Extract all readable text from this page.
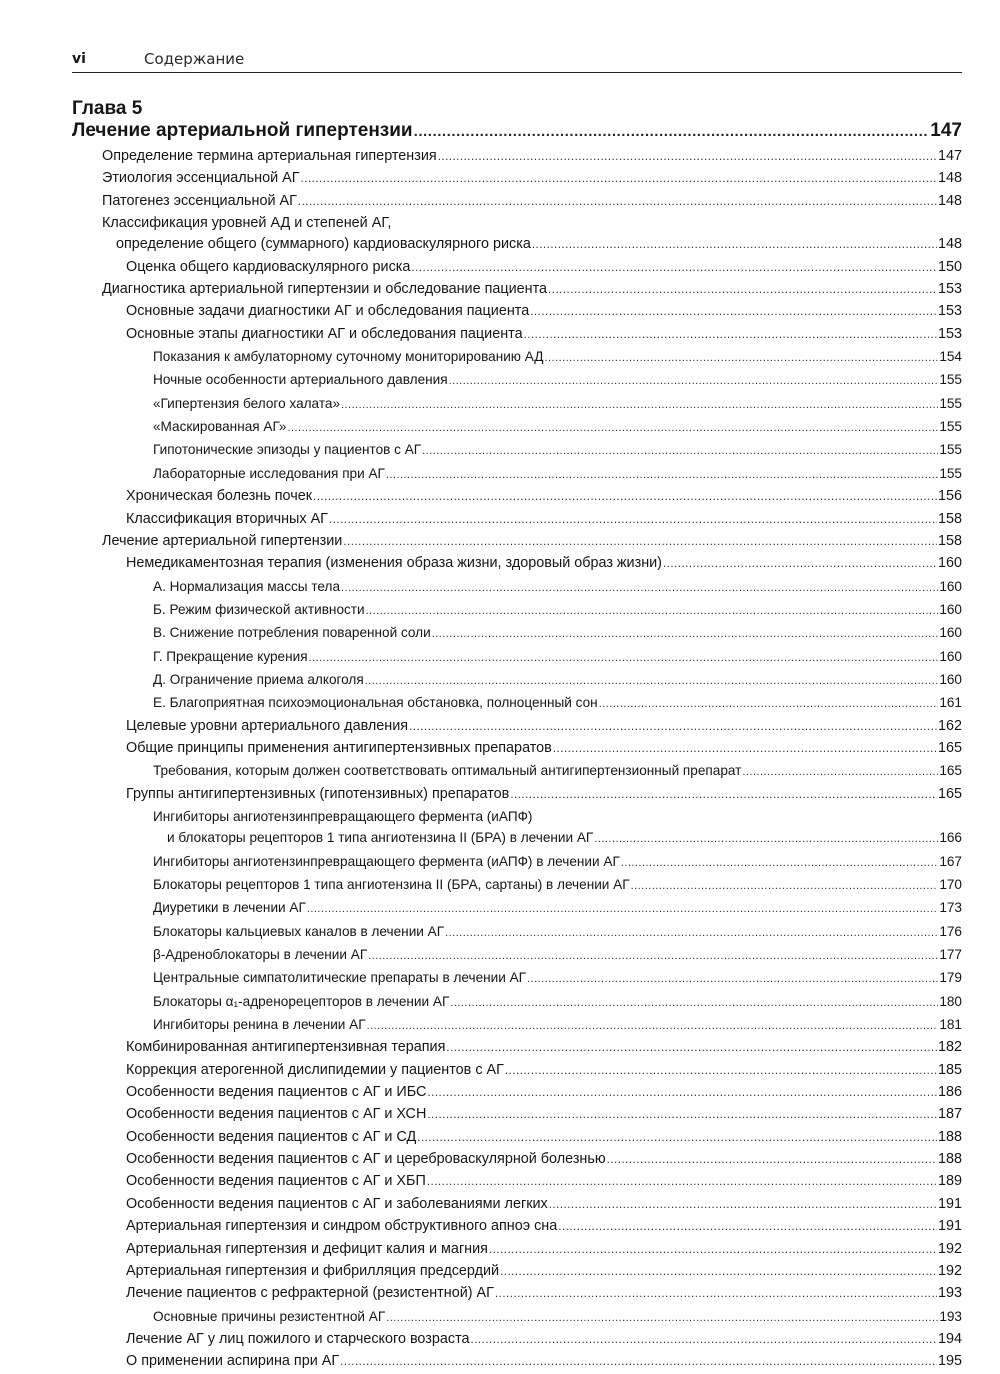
vi	Содержание
Глава 5
Лечение артериальной гипертензии .....	147
Определение термина артериальная гипертензия .....	147
Этиология эссенциальной АГ .....	148
Патогенез эссенциальной АГ .....	148
Классификация уровней АД и степеней АГ,
определение общего (суммарного) кардиоваскулярного риска .....	148
Оценка общего кардиоваскулярного риска .....	150
Диагностика артериальной гипертензии и обследование пациента .....	153
Основные задачи диагностики АГ и обследования пациента .....	153
Основные этапы диагностики АГ и обследования пациента .....	153
Показания к амбулаторному суточному мониторированию АД .....	154
Ночные особенности артериального давления .....	155
«Гипертензия белого халата» .....	155
«Маскированная АГ» .....	155
Гипотонические эпизоды у пациентов с АГ .....	155
Лабораторные исследования при АГ .....	155
Хроническая болезнь почек .....	156
Классификация вторичных АГ .....	158
Лечение артериальной гипертензии .....	158
Немедикаментозная терапия (изменения образа жизни, здоровый образ жизни) .....	160
А. Нормализация массы тела .....	160
Б. Режим физической активности .....	160
В. Снижение потребления поваренной соли .....	160
Г. Прекращение курения .....	160
Д. Ограничение приема алкоголя .....	160
Е. Благоприятная психоэмоциональная обстановка, полноценный сон .....	161
Целевые уровни артериального давления .....	162
Общие принципы применения антигипертензивных препаратов .....	165
Требования, которым должен соответствовать оптимальный антигипертензионный препарат .....	165
Группы антигипертензивных (гипотензивных) препаратов .....	165
Ингибиторы ангиотензинпревращающего фермента (иАПФ)
и блокаторы рецепторов 1 типа ангиотензина II (БРА) в лечении АГ .....	166
Ингибиторы ангиотензинпревращающего фермента (иАПФ) в лечении АГ .....	167
Блокаторы рецепторов 1 типа ангиотензина II (БРА, сартаны) в лечении АГ .....	170
Диуретики в лечении АГ .....	173
Блокаторы кальциевых каналов в лечении АГ .....	176
β-Адреноблокаторы в лечении АГ .....	177
Центральные симпатолитические препараты в лечении АГ .....	179
Блокаторы α₁-адренорецепторов в лечении АГ .....	180
Ингибиторы ренина в лечении АГ .....	181
Комбинированная антигипертензивная терапия .....	182
Коррекция атерогенной дислипидемии у пациентов с АГ .....	185
Особенности ведения пациентов с АГ и ИБС .....	186
Особенности ведения пациентов с АГ и ХСН .....	187
Особенности ведения пациентов с АГ и СД .....	188
Особенности ведения пациентов с АГ и цереброваскулярной болезнью .....	188
Особенности ведения пациентов с АГ и ХБП .....	189
Особенности ведения пациентов с АГ и заболеваниями легких .....	191
Артериальная гипертензия и синдром обструктивного апноэ сна .....	191
Артериальная гипертензия и дефицит калия и магния .....	192
Артериальная гипертензия и фибрилляция предсердий .....	192
Лечение пациентов с рефрактерной (резистентной) АГ .....	193
Основные причины резистентной АГ .....	193
Лечение АГ у лиц пожилого и старческого возраста .....	194
О применении аспирина при АГ .....	195
